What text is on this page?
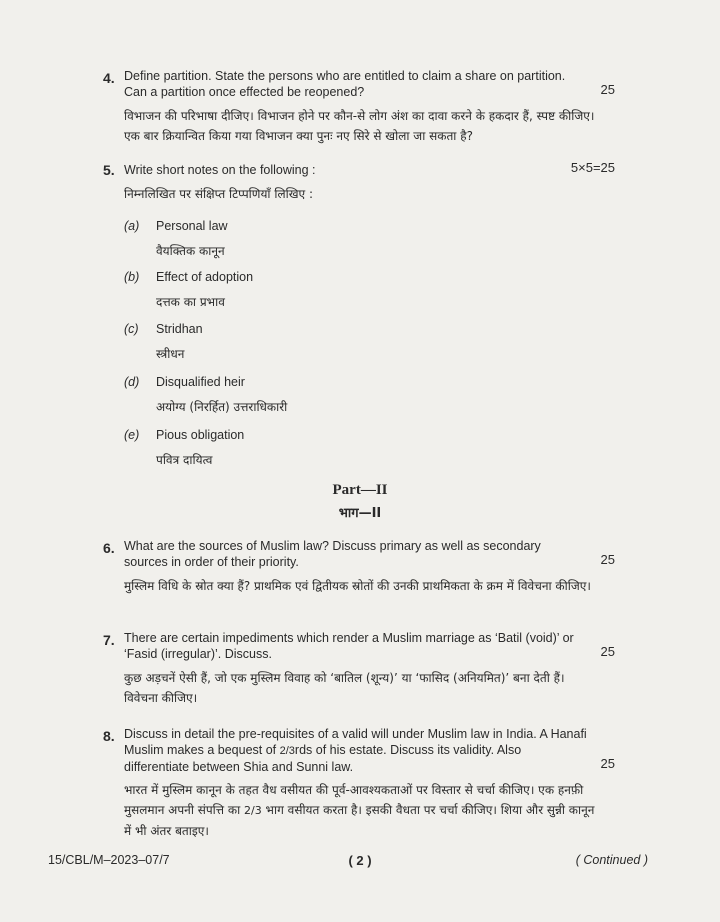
4. Define partition. State the persons who are entitled to claim a share on partition. Can a partition once effected be reopened?	25
विभाजन की परिभाषा दीजिए। विभाजन होने पर कौन-से लोग अंश का दावा करने के हकदार हैं, स्पष्ट कीजिए। एक बार क्रियान्वित किया गया विभाजन क्या पुनः नए सिरे से खोला जा सकता है?
5. Write short notes on the following :	5×5=25
निम्नलिखित पर संक्षिप्त टिप्पणियाँ लिखिए :
(a) Personal law
वैयक्तिक कानून
(b) Effect of adoption
दत्तक का प्रभाव
(c) Stridhan
स्त्रीधन
(d) Disqualified heir
अयोग्य (निरर्हित) उत्तराधिकारी
(e) Pious obligation
पवित्र दायित्व
Part—II
भाग—II
6. What are the sources of Muslim law? Discuss primary as well as secondary sources in order of their priority.	25
मुस्लिम विधि के स्रोत क्या हैं? प्राथमिक एवं द्वितीयक स्रोतों की उनकी प्राथमिकता के क्रम में विवेचना कीजिए।
7. There are certain impediments which render a Muslim marriage as ‘Batil (void)’ or ‘Fasid (irregular)’. Discuss.	25
कुछ अड़चनें ऐसी हैं, जो एक मुस्लिम विवाह को ‘बातिल (शून्य)’ या ‘फासिद (अनियमित)’ बना देती हैं। विवेचना कीजिए।
8. Discuss in detail the pre-requisites of a valid will under Muslim law in India. A Hanafi Muslim makes a bequest of 2/3rds of his estate. Discuss its validity. Also differentiate between Shia and Sunni law.	25
भारत में मुस्लिम कानून के तहत वैध वसीयत की पूर्व-आवश्यकताओं पर विस्तार से चर्चा कीजिए। एक हनफ़ी मुसलमान अपनी संपत्ति का 2/3 भाग वसीयत करता है। इसकी वैधता पर चर्चा कीजिए। शिया और सुन्नी कानून में भी अंतर बताइए।
15/CBL/M–2023–07/7	( 2 )	( Continued )
